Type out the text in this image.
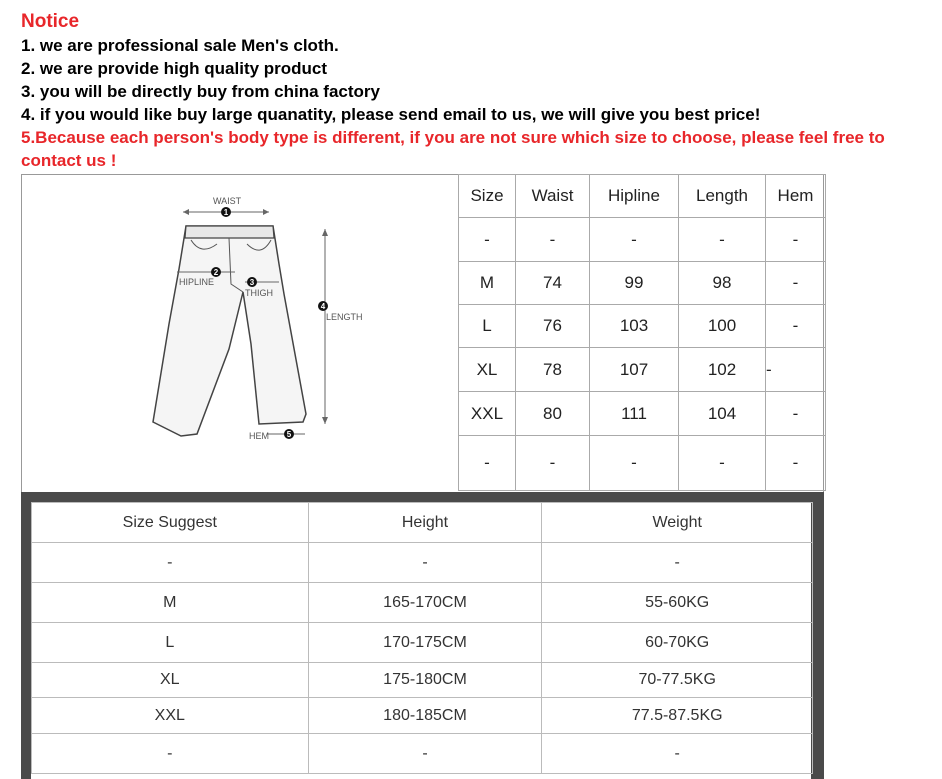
Notice
1. we are professional sale Men's cloth.
2. we are provide high quality product
3. you will be directly buy from china factory
4. if you would like buy large quanatity, please send email to us, we will give you best price!
5.Because each person's body type is different, if you are not sure which size to choose, please feel free to contact us !
WAIST
1
HIPLINE
2
THIGH
3
4
LENGTH
HEM 5
Size	Waist	Hipline	Length	Hem
-	-	-	-	-
M	74	99	98	-
L	76	103	100	-
XL	78	107	102	-
XXL	80	111	104	-
-	-	-	-	-
Size Suggest	Height	Weight
-	-	-
M	165-170CM	55-60KG
L	170-175CM	60-70KG
XL	175-180CM	70-77.5KG
XXL	180-185CM	77.5-87.5KG
-	-	-
